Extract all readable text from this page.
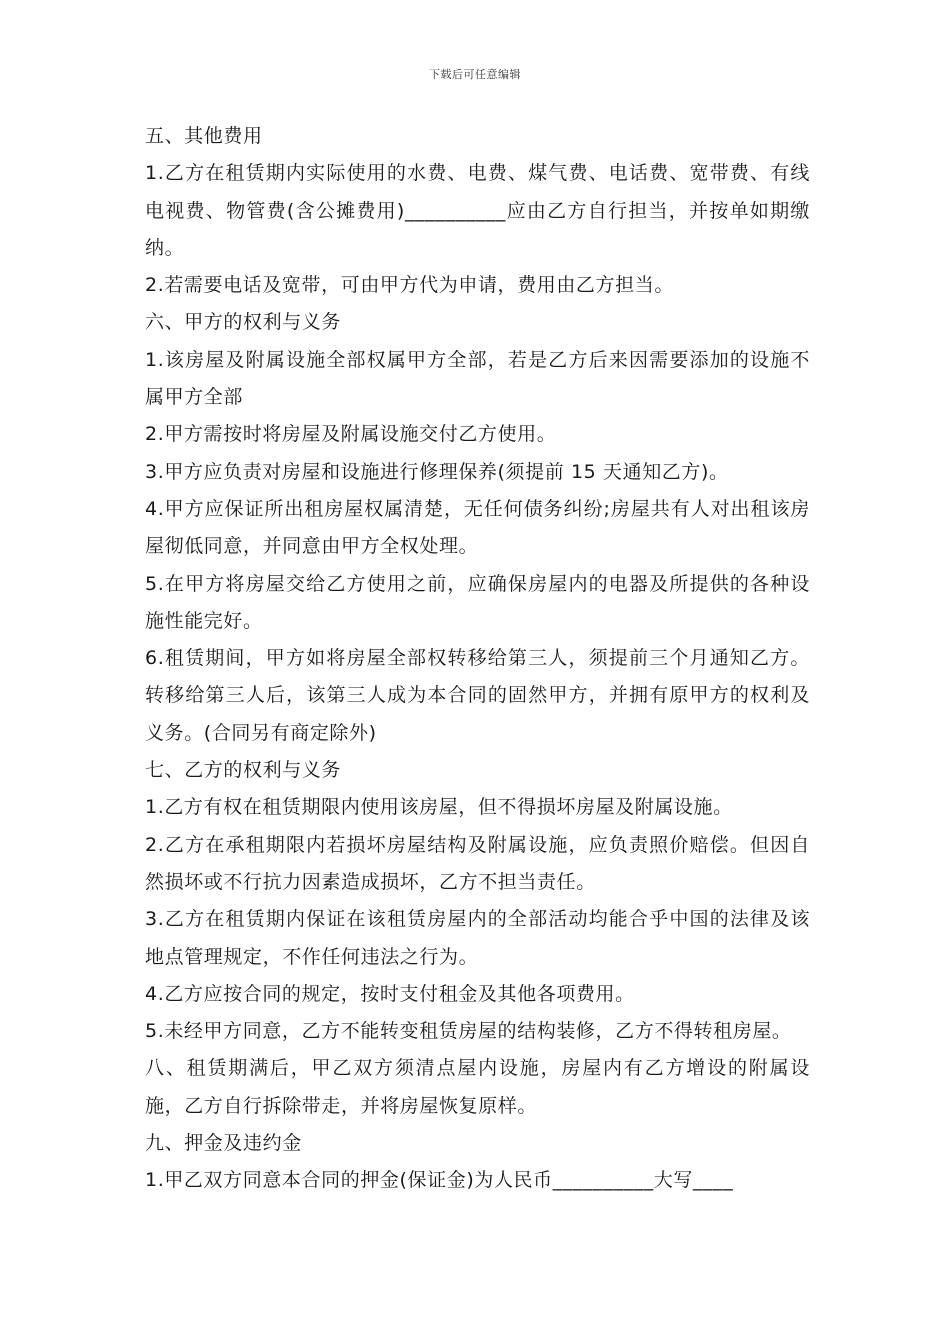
下载后可任意编辑

五、其他费用

1.乙方在租赁期内实际使用的水费、电费、煤气费、电话费、宽带费、有线电视费、物管费(含公摊费用)__________应由乙方自行担当，并按单如期缴纳。

2.若需要电话及宽带，可由甲方代为申请，费用由乙方担当。

六、甲方的权利与义务

1.该房屋及附属设施全部权属甲方全部，若是乙方后来因需要添加的设施不属甲方全部

2.甲方需按时将房屋及附属设施交付乙方使用。

3.甲方应负责对房屋和设施进行修理保养(须提前 15 天通知乙方)。

4.甲方应保证所出租房屋权属清楚，无任何债务纠纷;房屋共有人对出租该房屋彻低同意，并同意由甲方全权处理。

5.在甲方将房屋交给乙方使用之前，应确保房屋内的电器及所提供的各种设施性能完好。

6.租赁期间，甲方如将房屋全部权转移给第三人，须提前三个月通知乙方。转移给第三人后，该第三人成为本合同的固然甲方，并拥有原甲方的权利及义务。(合同另有商定除外)

七、乙方的权利与义务

1.乙方有权在租赁期限内使用该房屋，但不得损坏房屋及附属设施。

2.乙方在承租期限内若损坏房屋结构及附属设施，应负责照价赔偿。但因自然损坏或不行抗力因素造成损坏，乙方不担当责任。

3.乙方在租赁期内保证在该租赁房屋内的全部活动均能合乎中国的法律及该地点管理规定，不作任何违法之行为。

4.乙方应按合同的规定，按时支付租金及其他各项费用。

5.未经甲方同意，乙方不能转变租赁房屋的结构装修，乙方不得转租房屋。

八、租赁期满后，甲乙双方须清点屋内设施，房屋内有乙方增设的附属设施，乙方自行拆除带走，并将房屋恢复原样。

九、押金及违约金

1.甲乙双方同意本合同的押金(保证金)为人民币__________大写____
